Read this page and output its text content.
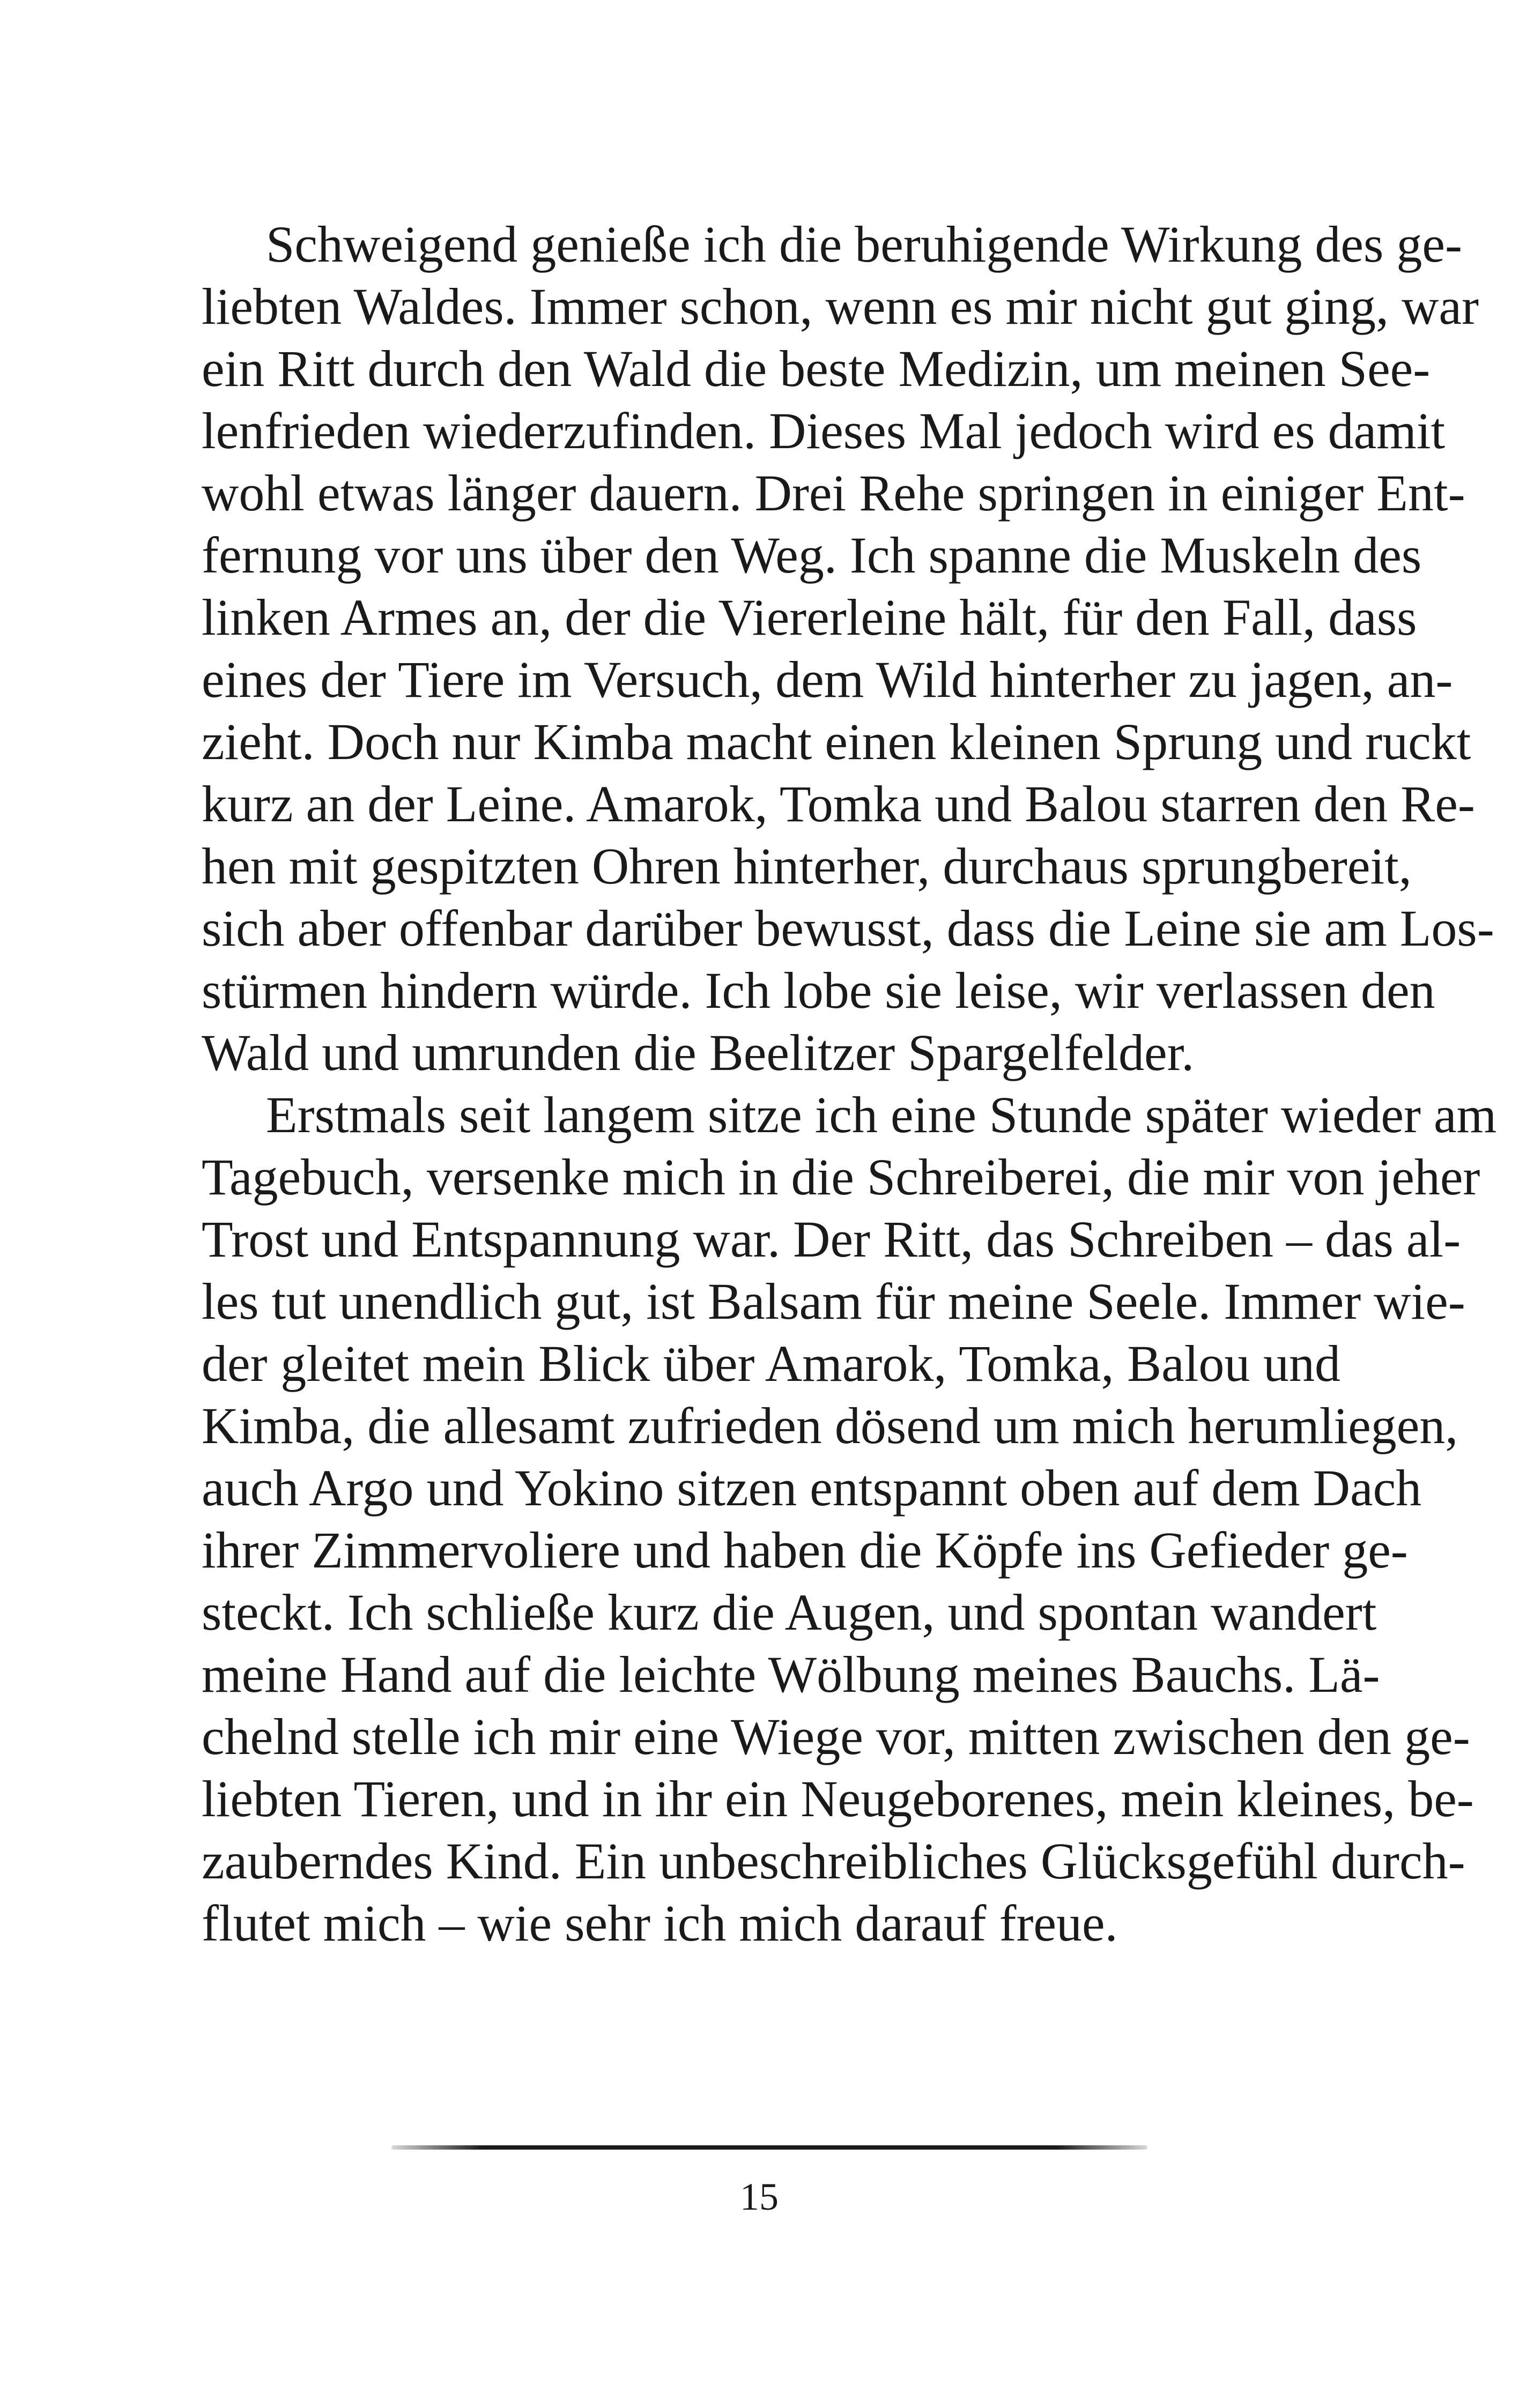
Schweigend genieße ich die beruhigende Wirkung des ge-
liebten Waldes. Immer schon, wenn es mir nicht gut ging, war
ein Ritt durch den Wald die beste Medizin, um meinen See-
lenfrieden wiederzufinden. Dieses Mal jedoch wird es damit
wohl etwas länger dauern. Drei Rehe springen in einiger Ent-
fernung vor uns über den Weg. Ich spanne die Muskeln des
linken Armes an, der die Viererleine hält, für den Fall, dass
eines der Tiere im Versuch, dem Wild hinterher zu jagen, an-
zieht. Doch nur Kimba macht einen kleinen Sprung und ruckt
kurz an der Leine. Amarok, Tomka und Balou starren den Re-
hen mit gespitzten Ohren hinterher, durchaus sprungbereit,
sich aber offenbar darüber bewusst, dass die Leine sie am Los-
stürmen hindern würde. Ich lobe sie leise, wir verlassen den
Wald und umrunden die Beelitzer Spargelfelder.
Erstmals seit langem sitze ich eine Stunde später wieder am
Tagebuch, versenke mich in die Schreiberei, die mir von jeher
Trost und Entspannung war. Der Ritt, das Schreiben – das al-
les tut unendlich gut, ist Balsam für meine Seele. Immer wie-
der gleitet mein Blick über Amarok, Tomka, Balou und
Kimba, die allesamt zufrieden dösend um mich herumliegen,
auch Argo und Yokino sitzen entspannt oben auf dem Dach
ihrer Zimmervoliere und haben die Köpfe ins Gefieder ge-
steckt. Ich schließe kurz die Augen, und spontan wandert
meine Hand auf die leichte Wölbung meines Bauchs. Lä-
chelnd stelle ich mir eine Wiege vor, mitten zwischen den ge-
liebten Tieren, und in ihr ein Neugeborenes, mein kleines, be-
zauberndes Kind. Ein unbeschreibliches Glücksgefühl durch-
flutet mich – wie sehr ich mich darauf freue.
15
